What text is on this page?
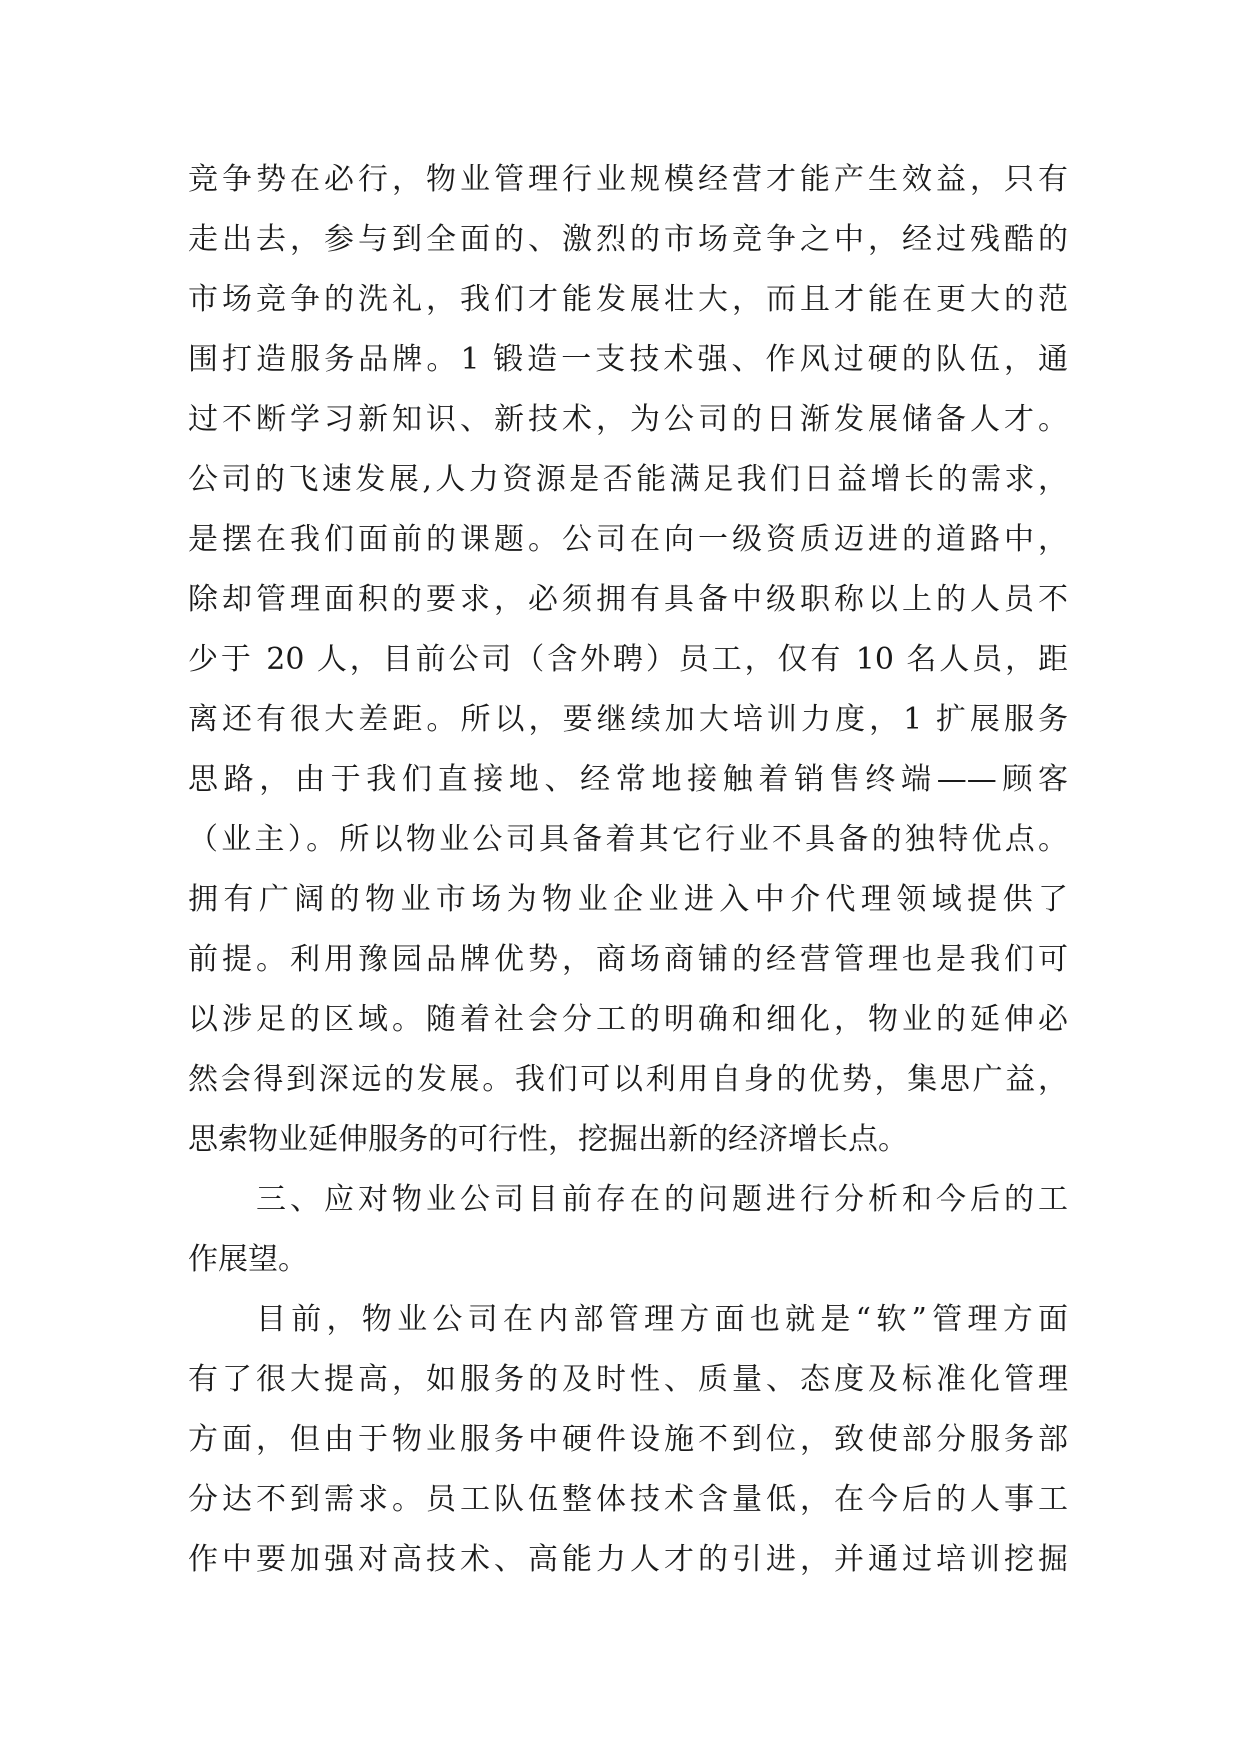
竞争势在必行，物业管理行业规模经营才能产生效益，只有
走出去，参与到全面的、激烈的市场竞争之中，经过残酷的
市场竞争的洗礼，我们才能发展壮大，而且才能在更大的范
围打造服务品牌。1 锻造一支技术强、作风过硬的队伍，通
过不断学习新知识、新技术，为公司的日渐发展储备人才。
公司的飞速发展,人力资源是否能满足我们日益增长的需求，
是摆在我们面前的课题。公司在向一级资质迈进的道路中，
除却管理面积的要求，必须拥有具备中级职称以上的人员不
少于 20 人，目前公司（含外聘）员工，仅有 10 名人员，距
离还有很大差距。所以，要继续加大培训力度，1 扩展服务
思路，由于我们直接地、经常地接触着销售终端——顾客
（业主）。所以物业公司具备着其它行业不具备的独特优点。
拥有广阔的物业市场为物业企业进入中介代理领域提供了
前提。利用豫园品牌优势，商场商铺的经营管理也是我们可
以涉足的区域。随着社会分工的明确和细化，物业的延伸必
然会得到深远的发展。我们可以利用自身的优势，集思广益，
思索物业延伸服务的可行性，挖掘出新的经济增长点。
三、应对物业公司目前存在的问题进行分析和今后的工
作展望。
目前，物业公司在内部管理方面也就是“软”管理方面
有了很大提高，如服务的及时性、质量、态度及标准化管理
方面，但由于物业服务中硬件设施不到位，致使部分服务部
分达不到需求。员工队伍整体技术含量低，在今后的人事工
作中要加强对高技术、高能力人才的引进，并通过培训挖掘
